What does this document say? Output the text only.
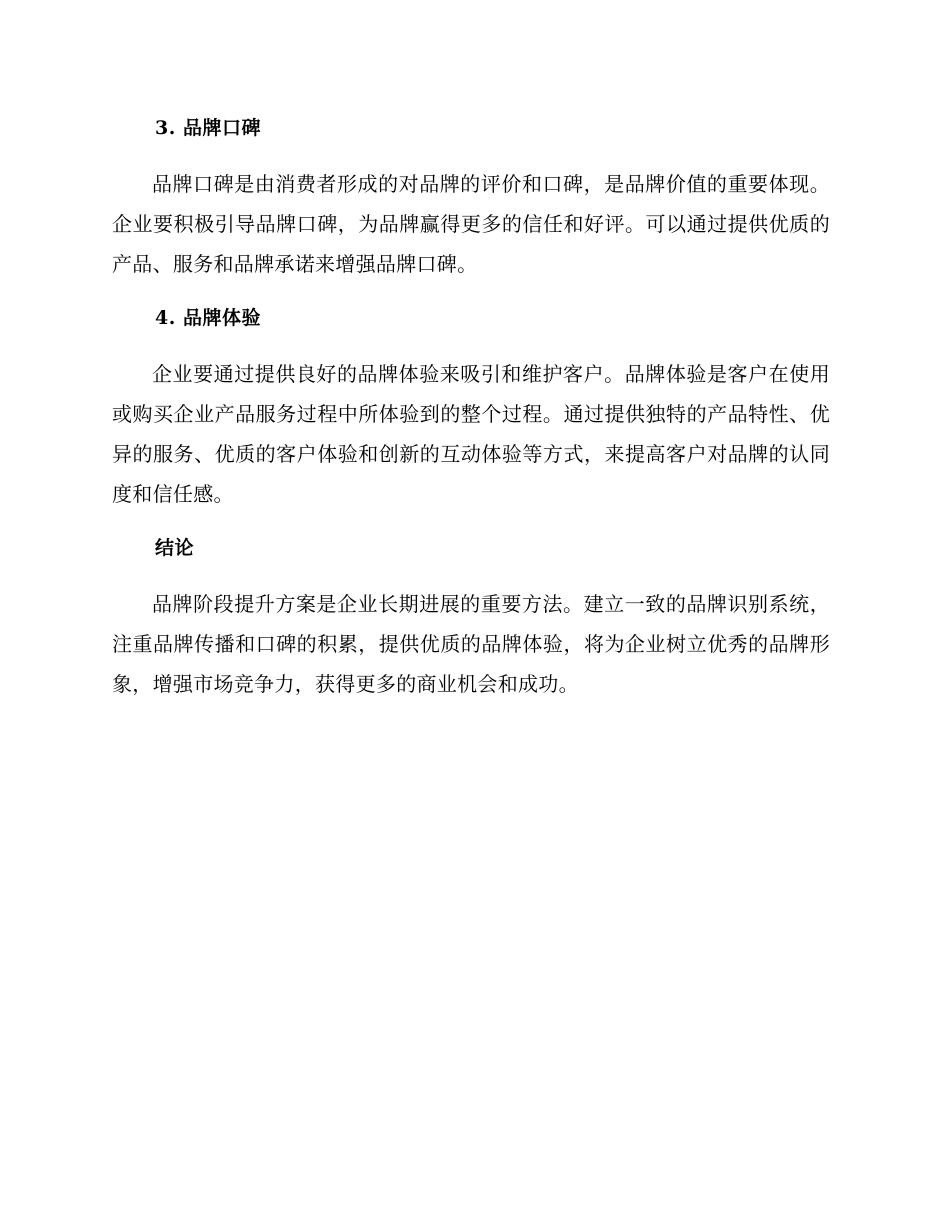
3. 品牌口碑

品牌口碑是由消费者形成的对品牌的评价和口碑，是品牌价值的重要体现。企业要积极引导品牌口碑，为品牌赢得更多的信任和好评。可以通过提供优质的产品、服务和品牌承诺来增强品牌口碑。

4. 品牌体验

企业要通过提供良好的品牌体验来吸引和维护客户。品牌体验是客户在使用或购买企业产品服务过程中所体验到的整个过程。通过提供独特的产品特性、优异的服务、优质的客户体验和创新的互动体验等方式，来提高客户对品牌的认同度和信任感。

结论

品牌阶段提升方案是企业长期进展的重要方法。建立一致的品牌识别系统，注重品牌传播和口碑的积累，提供优质的品牌体验，将为企业树立优秀的品牌形象，增强市场竞争力，获得更多的商业机会和成功。
